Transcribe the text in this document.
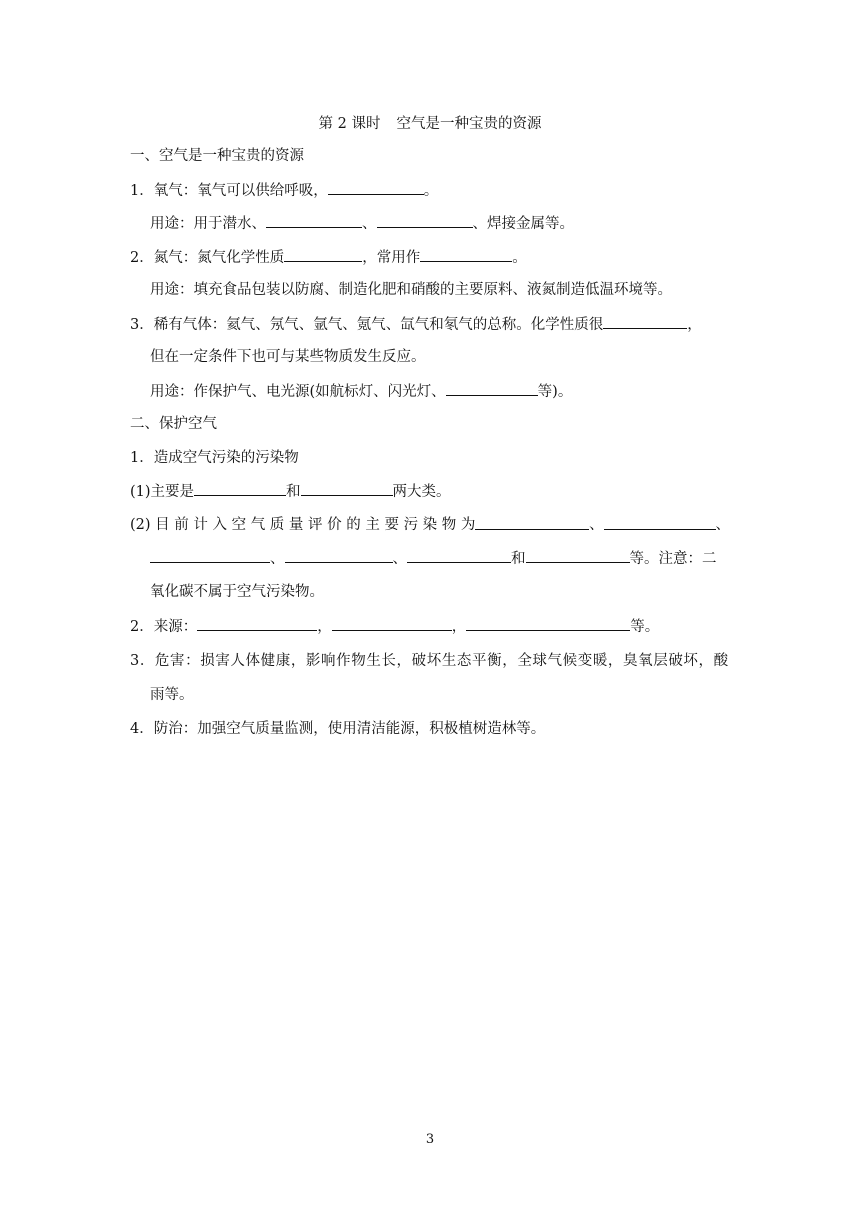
第 2 课时 空气是一种宝贵的资源
一、空气是一种宝贵的资源
1．氧气：氧气可以供给呼吸，	。
用途：用于潜水、	、	、焊接金属等。
2．氮气：氮气化学性质	，常用作	。
用途：填充食品包装以防腐、制造化肥和硝酸的主要原料、液氮制造低温环境等。
3．稀有气体：氦气、氖气、氩气、氪气、氙气和氡气的总称。化学性质很	，
但在一定条件下也可与某些物质发生反应。
用途：作保护气、电光源(如航标灯、闪光灯、	等)。
二、保护空气
1．造成空气污染的污染物
(1)主要是	和	两大类。
(2) 目 前 计 入 空 气 质 量 评 价 的 主 要 污 染 物 为	、	、
、	、	和	等。注意：二
氧化碳不属于空气污染物。
2．来源：	，	，	等。
3．危害：损害人体健康，影响作物生长，破坏生态平衡，全球气候变暖，臭氧层破坏，酸
雨等。
4．防治：加强空气质量监测，使用清洁能源，积极植树造林等。
3
